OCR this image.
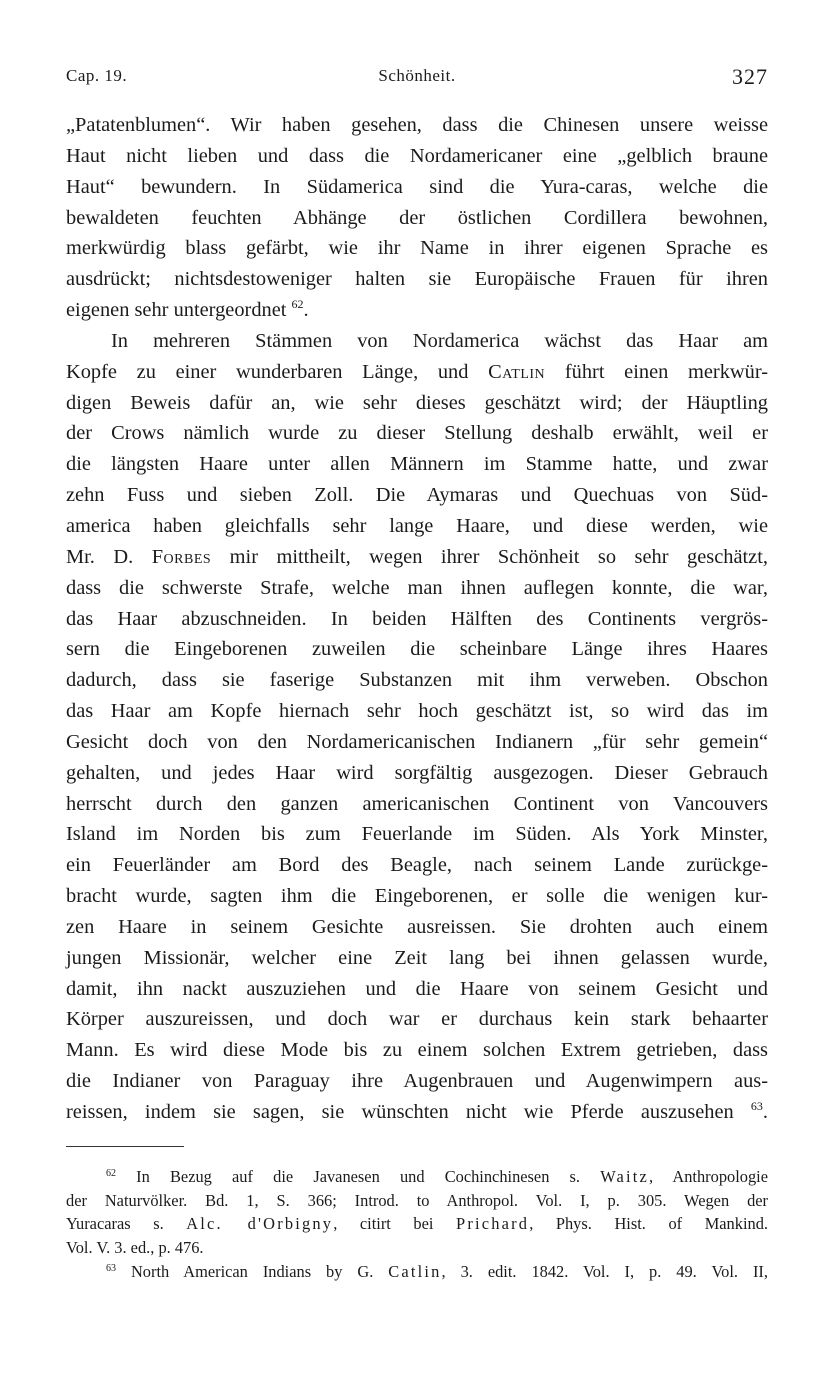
Cap. 19.	Schönheit.	327
„Patatenblumen“. Wir haben gesehen, dass die Chinesen unsere weisse
Haut nicht lieben und dass die Nordamericaner eine „gelblich braune
Haut“ bewundern. In Südamerica sind die Yura-caras, welche die
bewaldeten feuchten Abhänge der östlichen Cordillera bewohnen,
merkwürdig blass gefärbt, wie ihr Name in ihrer eigenen Sprache es
ausdrückt; nichtsdestoweniger halten sie Europäische Frauen für ihren
eigenen sehr untergeordnet $^{62}$.
In mehreren Stämmen von Nordamerica wächst das Haar am
Kopfe zu einer wunderbaren Länge, und Catlin führt einen merkwür-
digen Beweis dafür an, wie sehr dieses geschätzt wird; der Häuptling
der Crows nämlich wurde zu dieser Stellung deshalb erwählt, weil er
die längsten Haare unter allen Männern im Stamme hatte, und zwar
zehn Fuss und sieben Zoll. Die Aymaras und Quechuas von Süd-
america haben gleichfalls sehr lange Haare, und diese werden, wie
Mr. D. Forbes mir mittheilt, wegen ihrer Schönheit so sehr geschätzt,
dass die schwerste Strafe, welche man ihnen auflegen konnte, die war,
das Haar abzuschneiden. In beiden Hälften des Continents vergrös-
sern die Eingeborenen zuweilen die scheinbare Länge ihres Haares
dadurch, dass sie faserige Substanzen mit ihm verweben. Obschon
das Haar am Kopfe hiernach sehr hoch geschätzt ist, so wird das im
Gesicht doch von den Nordamericanischen Indianern „für sehr gemein“
gehalten, und jedes Haar wird sorgfältig ausgezogen. Dieser Gebrauch
herrscht durch den ganzen americanischen Continent von Vancouvers
Island im Norden bis zum Feuerlande im Süden. Als York Minster,
ein Feuerländer am Bord des Beagle, nach seinem Lande zurückge-
bracht wurde, sagten ihm die Eingeborenen, er solle die wenigen kur-
zen Haare in seinem Gesichte ausreissen. Sie drohten auch einem
jungen Missionär, welcher eine Zeit lang bei ihnen gelassen wurde,
damit, ihn nackt auszuziehen und die Haare von seinem Gesicht und
Körper auszureissen, und doch war er durchaus kein stark behaarter
Mann. Es wird diese Mode bis zu einem solchen Extrem getrieben, dass
die Indianer von Paraguay ihre Augenbrauen und Augenwimpern aus-
reissen, indem sie sagen, sie wünschten nicht wie Pferde auszusehen $^{63}$.
$^{62}$ In Bezug auf die Javanesen und Cochinchinesen s. Waitz, Anthropologie
der Naturvölker. Bd. 1, S. 366; Introd. to Anthropol. Vol. I, p. 305. Wegen der
Yuracaras s. Alc. d'Orbigny, citirt bei Prichard, Phys. Hist. of Mankind.
Vol. V. 3. ed., p. 476.
$^{63}$ North American Indians by G. Catlin, 3. edit. 1842. Vol. I, p. 49. Vol. II,
